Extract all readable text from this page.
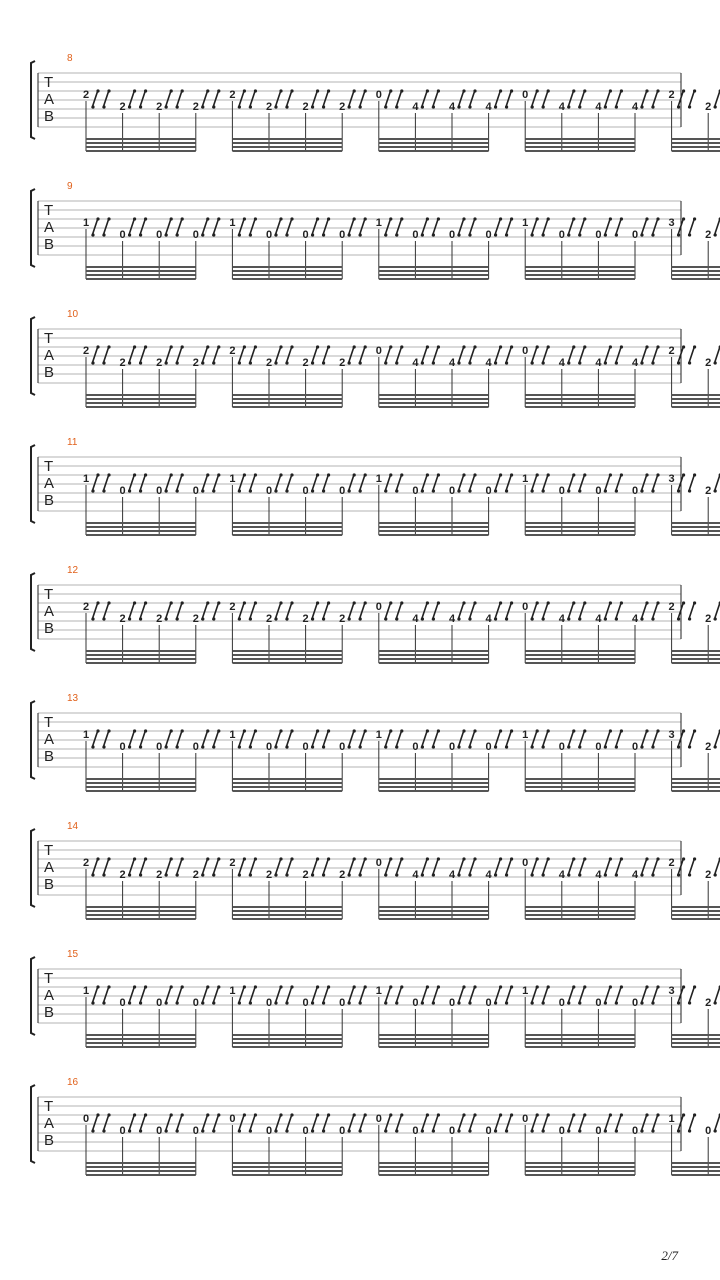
8
T
A
B
2
2	2	2
2
2	2	2
0
4	4	4
0
4	4	4
2
2
9
T
A
B
1
0	0	0
1
0	0	0
1
0	0	0
1
0	0	0
3
2
10
T
A
B
2
2	2	2
2
2	2	2
0
4	4	4
0
4	4	4
2
2
11
T
A
B
1
0	0	0
1
0	0	0
1
0	0	0
1
0	0	0
3
2
12
T
A
B
2
2	2	2
2
2	2	2
0
4	4	4
0
4	4	4
2
2
13
T
A
B
1
0	0	0
1
0	0	0
1
0	0	0
1
0	0	0
3
2
14
T
A
B
2
2	2	2
2
2	2	2
0
4	4	4
0
4	4	4
2
2
15
T
A
B
1
0	0	0
1
0	0	0
1
0	0	0
1
0	0	0
3
2
16
T
A
B
0
0	0	0
0
0	0	0
0
0	0	0
0
0	0	0
1
0
2/7
